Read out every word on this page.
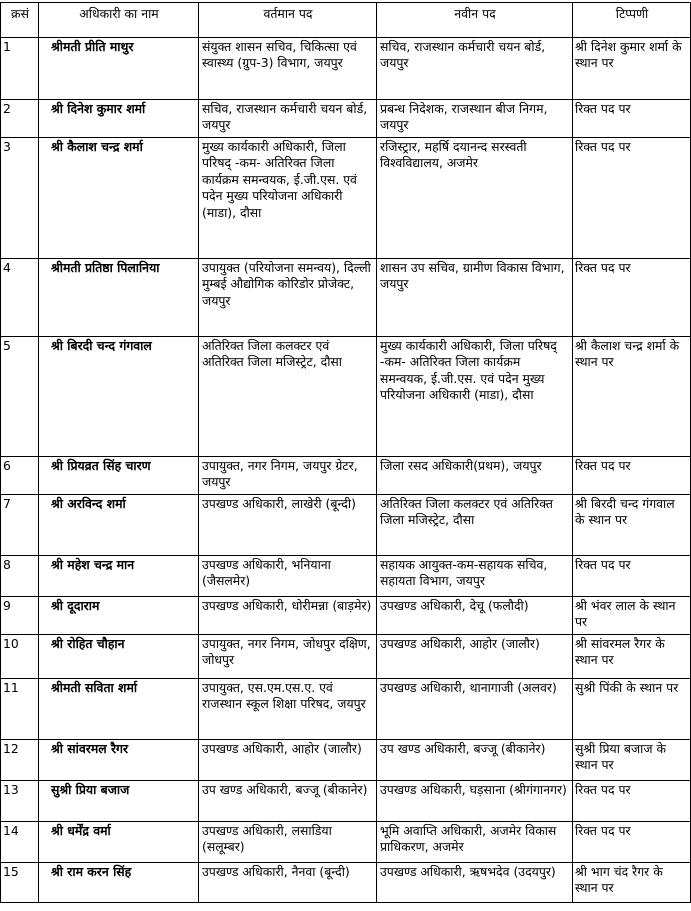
क्रसं	अधिकारी का नाम	वर्तमान पद	नवीन पद	टिप्पणी
1	श्रीमती प्रीति माथुर	संयुक्त शासन सचिव, चिकित्सा एवं स्वास्थ्य (ग्रुप-3) विभाग, जयपुर	सचिव, राजस्थान कर्मचारी चयन बोर्ड, जयपुर	श्री दिनेश कुमार शर्मा के स्थान पर
2	श्री दिनेश कुमार शर्मा	सचिव, राजस्थान कर्मचारी चयन बोर्ड, जयपुर	प्रबन्ध निदेशक, राजस्थान बीज निगम, जयपुर	रिक्त पद पर
3	श्री कैलाश चन्द्र शर्मा	मुख्य कार्यकारी अधिकारी, जिला परिषद् -कम- अतिरिक्त जिला कार्यक्रम समन्वयक, ई.जी.एस. एवं पदेन मुख्य परियोजना अधिकारी (माडा), दौसा	रजिस्ट्रार, महर्षि दयानन्द सरस्वती विश्वविद्यालय, अजमेर	रिक्त पद पर
4	श्रीमती प्रतिष्ठा पिलानिया	उपायुक्त (परियोजना समन्वय), दिल्ली मुम्बई औद्योगिक कोरिडोर प्रोजेक्ट, जयपुर	शासन उप सचिव, ग्रामीण विकास विभाग, जयपुर	रिक्त पद पर
5	श्री बिरदी चन्द गंगवाल	अतिरिक्त जिला कलक्टर एवं अतिरिक्त जिला मजिस्ट्रेट, दौसा	मुख्य कार्यकारी अधिकारी, जिला परिषद् -कम- अतिरिक्त जिला कार्यक्रम समन्वयक, ई.जी.एस. एवं पदेन मुख्य परियोजना अधिकारी (माडा), दौसा	श्री कैलाश चन्द्र शर्मा के स्थान पर
6	श्री प्रियव्रत सिंह चारण	उपायुक्त, नगर निगम, जयपुर ग्रेटर, जयपुर	जिला रसद अधिकारी(प्रथम), जयपुर	रिक्त पद पर
7	श्री अरविन्द शर्मा	उपखण्ड अधिकारी, लाखेरी (बून्दी)	अतिरिक्त जिला कलक्टर एवं अतिरिक्त जिला मजिस्ट्रेट, दौसा	श्री बिरदी चन्द गंगवाल के स्थान पर
8	श्री महेश चन्द्र मान	उपखण्ड अधिकारी, भनियाना (जैसलमेर)	सहायक आयुक्त-कम-सहायक सचिव, सहायता विभाग, जयपुर	रिक्त पद पर
9	श्री दूदाराम	उपखण्ड अधिकारी, धोरीमन्ना (बाड़मेर)	उपखण्ड अधिकारी, देचू (फलौदी)	श्री भंवर लाल के स्थान पर
10	श्री रोहित चौहान	उपायुक्त, नगर निगम, जोधपुर दक्षिण, जोधपुर	उपखण्ड अधिकारी, आहोर (जालौर)	श्री सांवरमल रैगर के स्थान पर
11	श्रीमती सविता शर्मा	उपायुक्त, एस.एम.एस.ए. एवं राजस्थान स्कूल शिक्षा परिषद, जयपुर	उपखण्ड अधिकारी, थानागाजी (अलवर)	सुश्री पिंकी के स्थान पर
12	श्री सांवरमल रैगर	उपखण्ड अधिकारी, आहोर (जालौर)	उप खण्ड अधिकारी, बज्जू (बीकानेर)	सुश्री प्रिया बजाज के स्थान पर
13	सुश्री प्रिया बजाज	उप खण्ड अधिकारी, बज्जू (बीकानेर)	उपखण्ड अधिकारी, घड़साना (श्रीगंगानगर)	रिक्त पद पर
14	श्री धर्मेंद्र वर्मा	उपखण्ड अधिकारी, लसाडिया (सलूम्बर)	भूमि अवाप्ति अधिकारी, अजमेर विकास प्राधिकरण, अजमेर	रिक्त पद पर
15	श्री राम करन सिंह	उपखण्ड अधिकारी, नैनवा (बून्दी)	उपखण्ड अधिकारी, ऋषभदेव (उदयपुर)	श्री भाग चंद रैगर के स्थान पर
